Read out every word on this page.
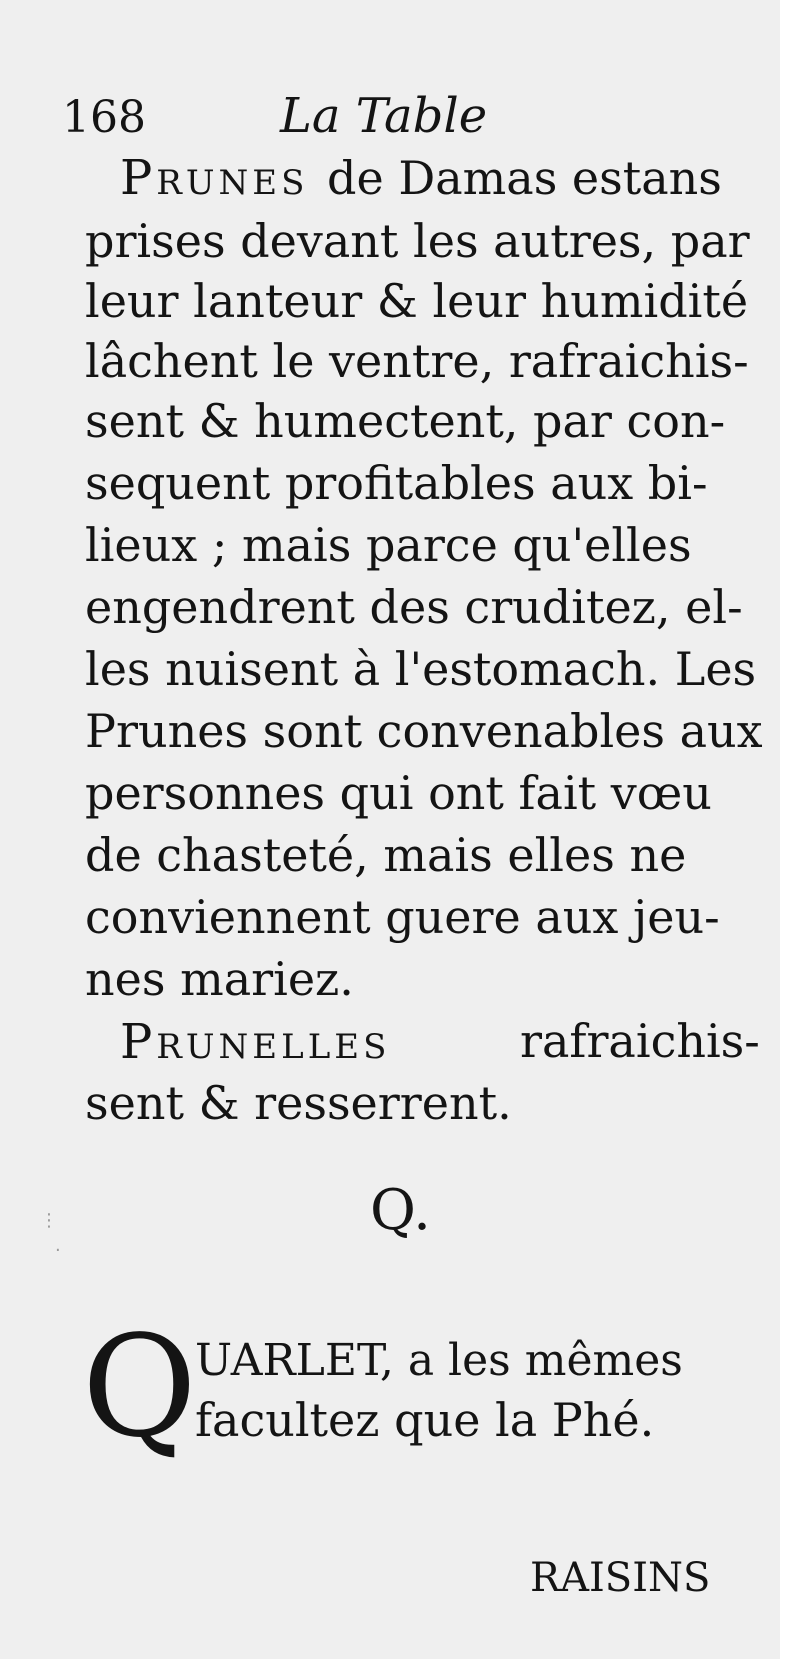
168	La Table
PRUNES de Damas estans
prises devant les autres, par
leur lanteur & leur humidité
lâchent le ventre, rafraichis-
sent & humectent, par con-
sequent profitables aux bi-
lieux ; mais parce qu'elles
engendrent des cruditez, el-
les nuisent à l'estomach. Les
Prunes sont convenables aux
personnes qui ont fait vœu
de chasteté, mais elles ne
conviennent guere aux jeu-
nes mariez.
PRUNELLES	rafraichis-
sent & resserrent.
Q.
Q
UARLET, a les mêmes
facultez que la Phé.
RAISINS
⋮
·
